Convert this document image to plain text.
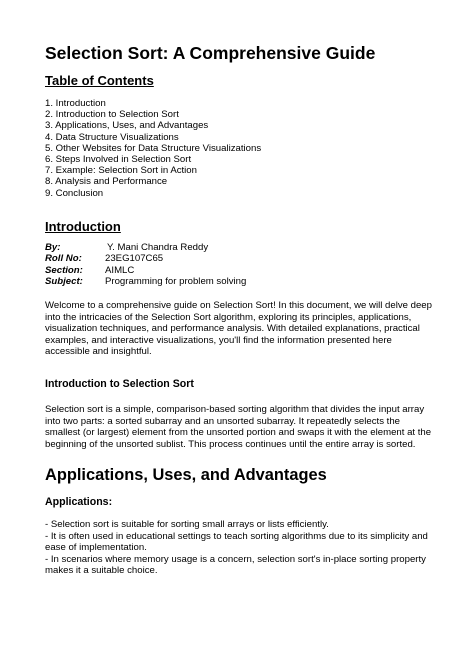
Selection Sort: A Comprehensive Guide
Table of Contents
1. Introduction
2. Introduction to Selection Sort
3. Applications, Uses, and Advantages
4. Data Structure Visualizations
5. Other Websites for Data Structure Visualizations
6. Steps Involved in Selection Sort
7. Example: Selection Sort in Action
8. Analysis and Performance
9. Conclusion
Introduction
By:	Y. Mani Chandra Reddy
Roll No: 23EG107C65
Section: AIMLC
Subject: Programming for problem solving
Welcome to a comprehensive guide on Selection Sort! In this document, we will delve deep into the intricacies of the Selection Sort algorithm, exploring its principles, applications, visualization techniques, and performance analysis. With detailed explanations, practical examples, and interactive visualizations, you'll find the information presented here accessible and insightful.
Introduction to Selection Sort
Selection sort is a simple, comparison-based sorting algorithm that divides the input array into two parts: a sorted subarray and an unsorted subarray. It repeatedly selects the smallest (or largest) element from the unsorted portion and swaps it with the element at the beginning of the unsorted sublist. This process continues until the entire array is sorted.
Applications, Uses, and Advantages
Applications:
- Selection sort is suitable for sorting small arrays or lists efficiently.
- It is often used in educational settings to teach sorting algorithms due to its simplicity and ease of implementation.
- In scenarios where memory usage is a concern, selection sort's in-place sorting property makes it a suitable choice.
